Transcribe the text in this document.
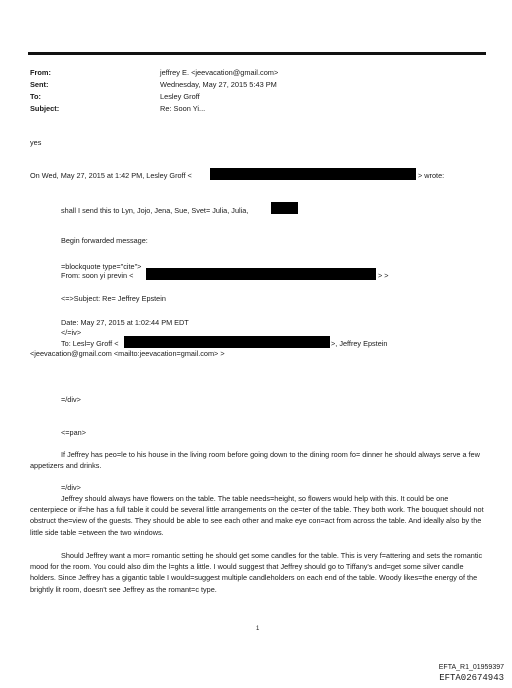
From:	jeffrey E. <jeevacation@gmail.com>
Sent:	Wednesday, May 27, 2015 5:43 PM
To:	Lesley Groff
Subject:	Re: Soon Yi...
yes
On Wed, May 27, 2015 at 1:42 PM, Lesley Groff <	> wrote:
shall I send this to Lyn, Jojo, Jena, Sue, Svet= Julia, Julia,
Begin forwarded message:
=blockquote type="cite">
From: soon yi previn <	> >
<=>Subject: Re= Jeffrey Epstein
Date: May 27, 2015 at 1:02:44 PM EDT
</=iv>
To: Lesl=y Groff <	>, Jeffrey Epstein
<jeevacation@gmail.com <mailto:jeevacation=gmail.com> >
=/div>
<=pan>
If Jeffrey has peo=le to his house in the living room before going down to the dining room fo= dinner he should always serve a few appetizers and drinks.
=/div>
Jeffrey should always have flowers on the table. The table needs=height, so flowers would help with this. It could be one centerpiece or if=he has a full table it could be several little arrangements on the ce=ter of the table. They both work. The bouquet should not obstruct the=view of the guests. They should be able to see each other and make eye con=act from across the table. And ideally also by the little side table =etween the two windows.
Should Jeffrey want a mor= romantic setting he should get some candles for the table. This is very f=attering and sets the romantic mood for the room. You could also dim the l=ghts a little. I would suggest that Jeffrey should go to Tiffany's and=get some silver candle holders. Since Jeffrey has a gigantic table I would=suggest multiple candleholders on each end of the table. Woody likes=the energy of the brightly lit room, doesn't see Jeffrey as the romant=c type.
1
EFTA_R1_01959397
EFTA02674943
